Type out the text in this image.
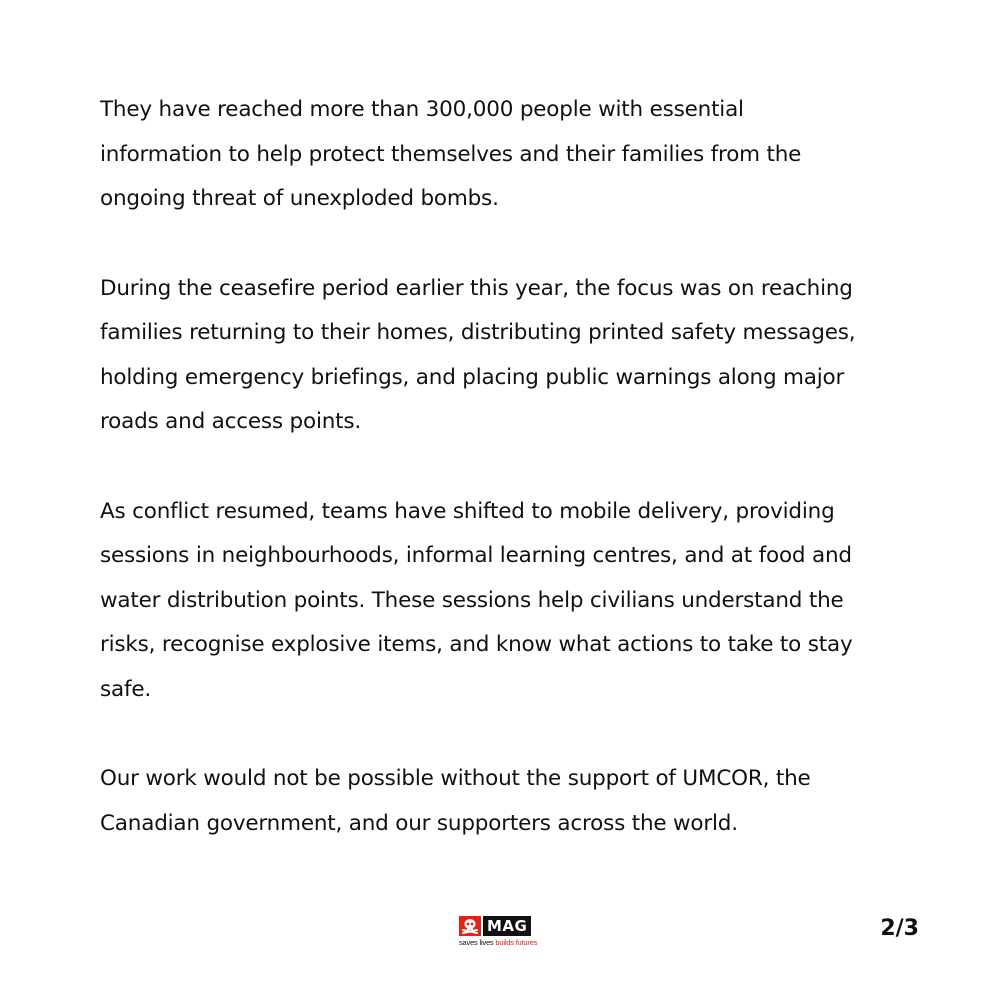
They have reached more than 300,000 people with essential
information to help protect themselves and their families from the
ongoing threat of unexploded bombs.

During the ceasefire period earlier this year, the focus was on reaching
families returning to their homes, distributing printed safety messages,
holding emergency briefings, and placing public warnings along major
roads and access points.

As conflict resumed, teams have shifted to mobile delivery, providing
sessions in neighbourhoods, informal learning centres, and at food and
water distribution points. These sessions help civilians understand the
risks, recognise explosive items, and know what actions to take to stay
safe.

Our work would not be possible without the support of UMCOR, the
Canadian government, and our supporters across the world.

MAG
saves lives builds futures
2/3
